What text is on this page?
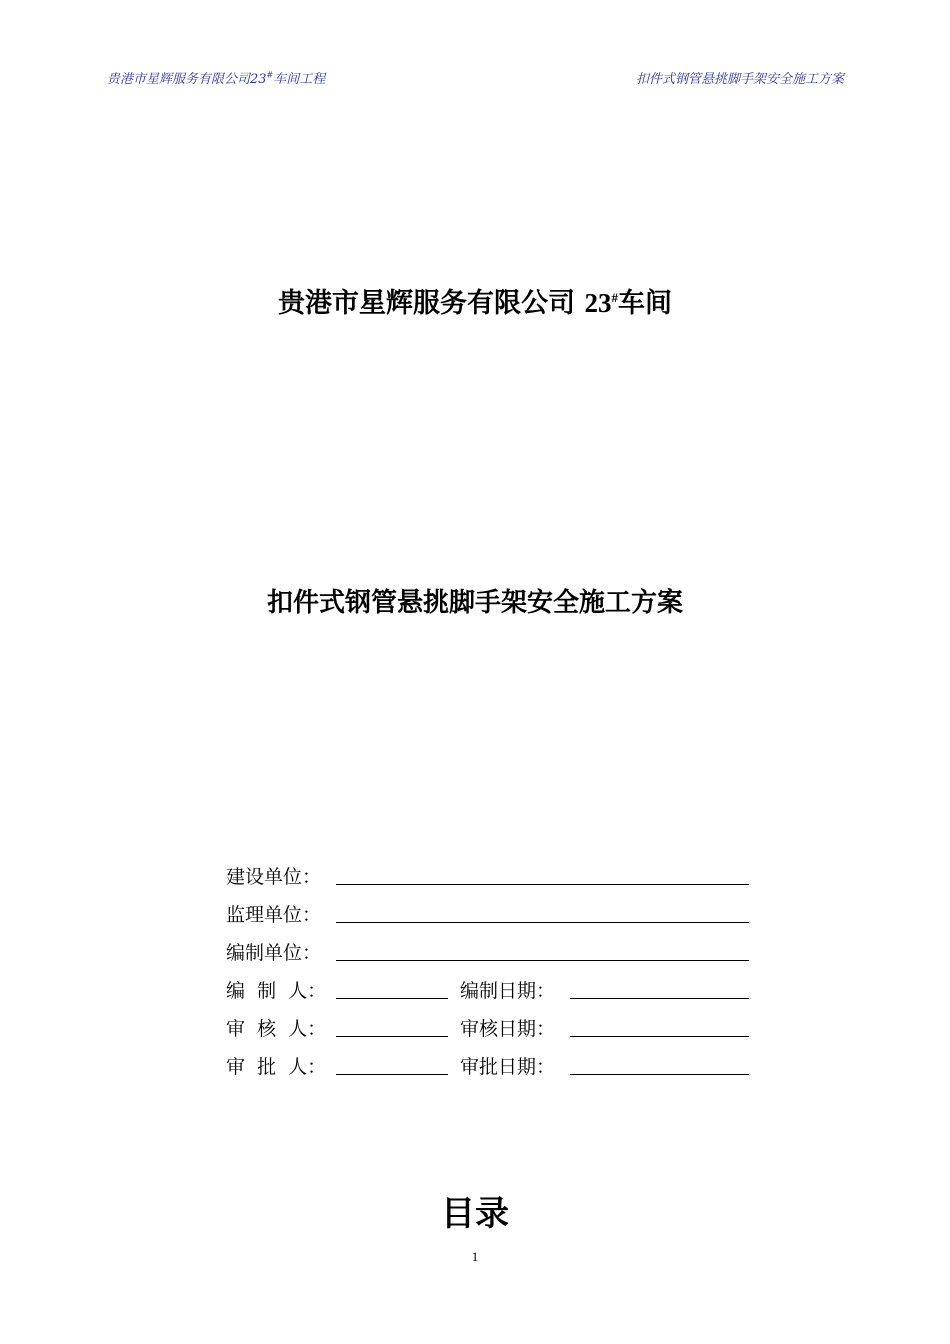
贵港市星辉服务有限公司23#车间工程	扣件式钢管悬挑脚手架安全施工方案
贵港市星辉服务有限公司 23#车间
扣件式钢管悬挑脚手架安全施工方案
建设单位：
监理单位：
编制单位：
编  制  人：	编制日期：
审  核  人：	审核日期：
审  批  人：	审批日期：
目录
1
